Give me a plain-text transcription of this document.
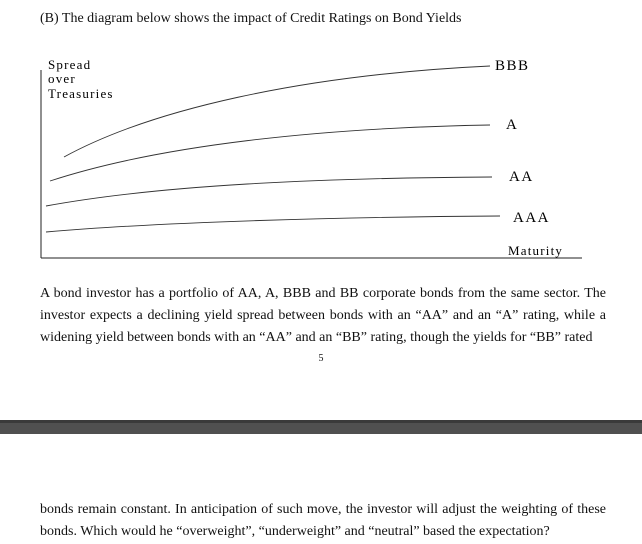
(B) The diagram below shows the impact of Credit Ratings on Bond Yields
Spread
over
Treasuries
BBB
A
AA
AAA
Maturity
A bond investor has a portfolio of AA, A, BBB and BB corporate bonds from the same sector. The investor expects a declining yield spread between bonds with an “AA” and an “A” rating, while a widening yield between bonds with an “AA” and an “BB” rating, though the yields for “BB” rated
5
bonds remain constant. In anticipation of such move, the investor will adjust the weighting of these bonds. Which would he “overweight”, “underweight” and “neutral” based the expectation?
